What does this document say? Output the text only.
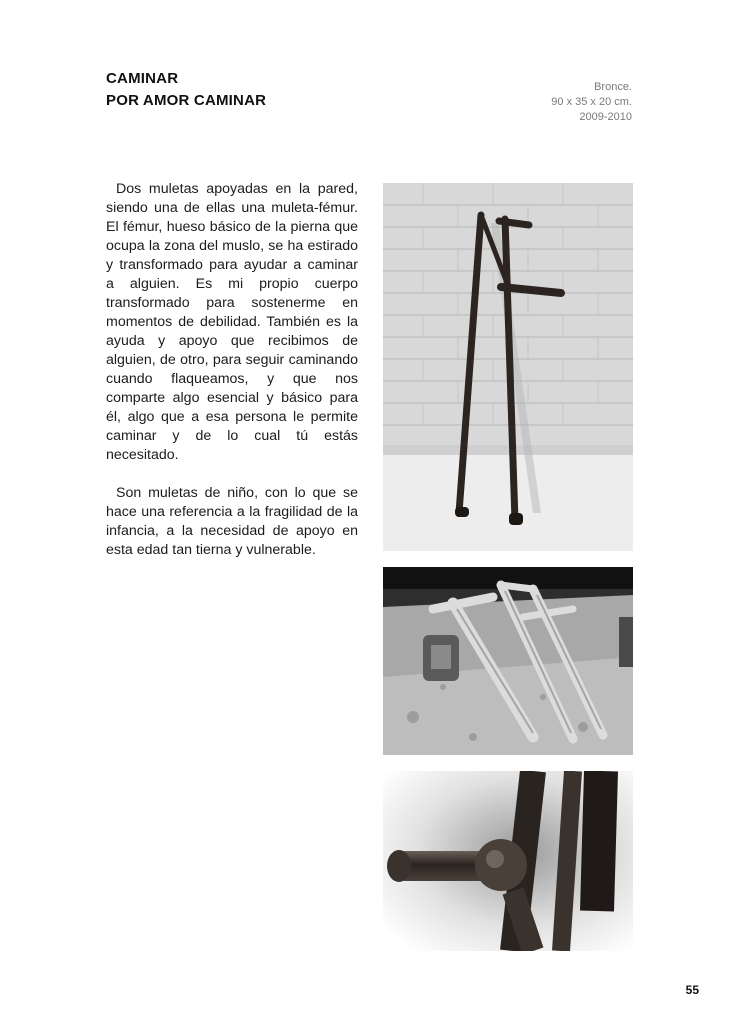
CAMINAR
POR AMOR CAMINAR
Bronce.
90 x 35 x 20 cm.
2009-2010

Dos muletas apoyadas en la pared, siendo una de ellas una muleta-fémur. El fémur, hueso básico de la pierna que ocupa la zona del muslo, se ha estirado y transformado para ayudar a caminar a alguien. Es mi propio cuerpo transformado para sostenerme en momentos de debilidad. También es la ayuda y apoyo que recibimos de alguien, de otro, para seguir caminando cuando flaqueamos, y que nos comparte algo esencial y básico para él, algo que a esa persona le permite caminar y de lo cual tú estás necesitado.

Son muletas de niño, con lo que se hace una referencia a la fragilidad de la infancia, a la necesidad de apoyo en esta edad tan tierna y vulnerable.

55
